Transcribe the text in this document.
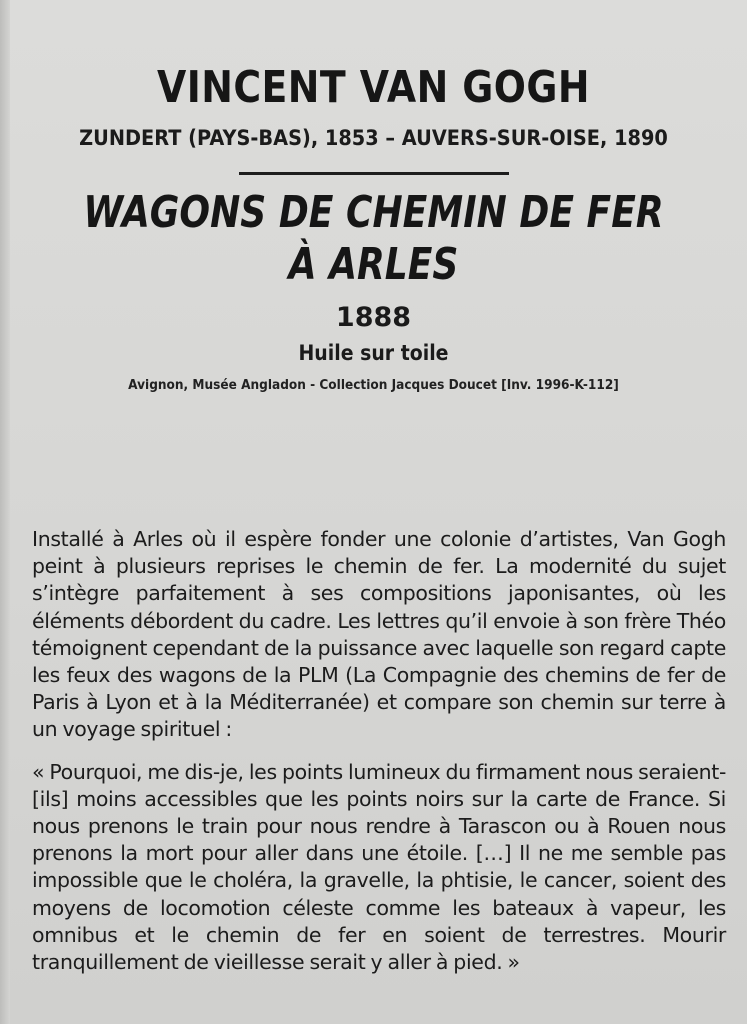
VINCENT VAN GOGH
ZUNDERT (PAYS-BAS), 1853 – AUVERS-SUR-OISE, 1890
WAGONS DE CHEMIN DE FER
À ARLES
1888
Huile sur toile
Avignon, Musée Angladon - Collection Jacques Doucet [Inv. 1996-K-112]

Installé à Arles où il espère fonder une colonie d’artistes, Van Gogh peint à plusieurs reprises le chemin de fer. La modernité du sujet s’intègre parfaitement à ses compositions japonisantes, où les éléments débordent du cadre. Les lettres qu’il envoie à son frère Théo témoignent cependant de la puissance avec laquelle son regard capte les feux des wagons de la PLM (La Compagnie des chemins de fer de Paris à Lyon et à la Méditerranée) et compare son chemin sur terre à un voyage spirituel :

« Pourquoi, me dis-je, les points lumineux du firmament nous seraient-[ils] moins accessibles que les points noirs sur la carte de France. Si nous prenons le train pour nous rendre à Tarascon ou à Rouen nous prenons la mort pour aller dans une étoile. […] Il ne me semble pas impossible que le choléra, la gravelle, la phtisie, le cancer, soient des moyens de locomotion céleste comme les bateaux à vapeur, les omnibus et le chemin de fer en soient de terrestres. Mourir tranquillement de vieillesse serait y aller à pied. »
